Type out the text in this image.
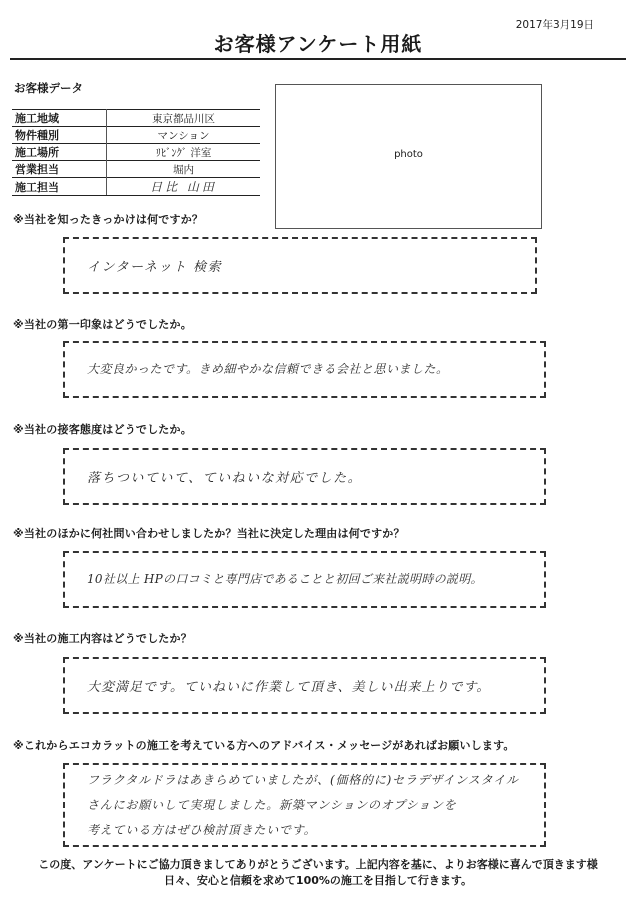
2017年3月19日
お客様アンケート用紙
お客様データ
施工地域	東京都品川区
物件種別	マンション
施工場所	ﾘﾋﾞﾝｸﾞ 洋室
営業担当	堀内
施工担当	日比 山田
photo
※当社を知ったきっかけは何ですか？
インターネット 検索
※当社の第一印象はどうでしたか。
大変良かったです。きめ細やかな信頼できる会社と思いました。
※当社の接客態度はどうでしたか。
落ちついていて、ていねいな対応でした。
※当社のほかに何社問い合わせしましたか？当社に決定した理由は何ですか？
10社以上 HPの口コミと専門店であることと初回ご来社説明時の説明。
※当社の施工内容はどうでしたか？
大変満足です。ていねいに作業して頂き、美しい出来上りです。
※これからエコカラットの施工を考えている方へのアドバイス・メッセージがあればお願いします。
フラクタルドラはあきらめていましたが、(価格的に)セラデザインスタイル
さんにお願いして実現しました。新築マンションのオプションを
考えている方はぜひ検討頂きたいです。
この度、アンケートにご協力頂きましてありがとうございます。上記内容を基に、よりお客様に喜んで頂きます様
日々、安心と信頼を求めて100%の施工を目指して行きます。
